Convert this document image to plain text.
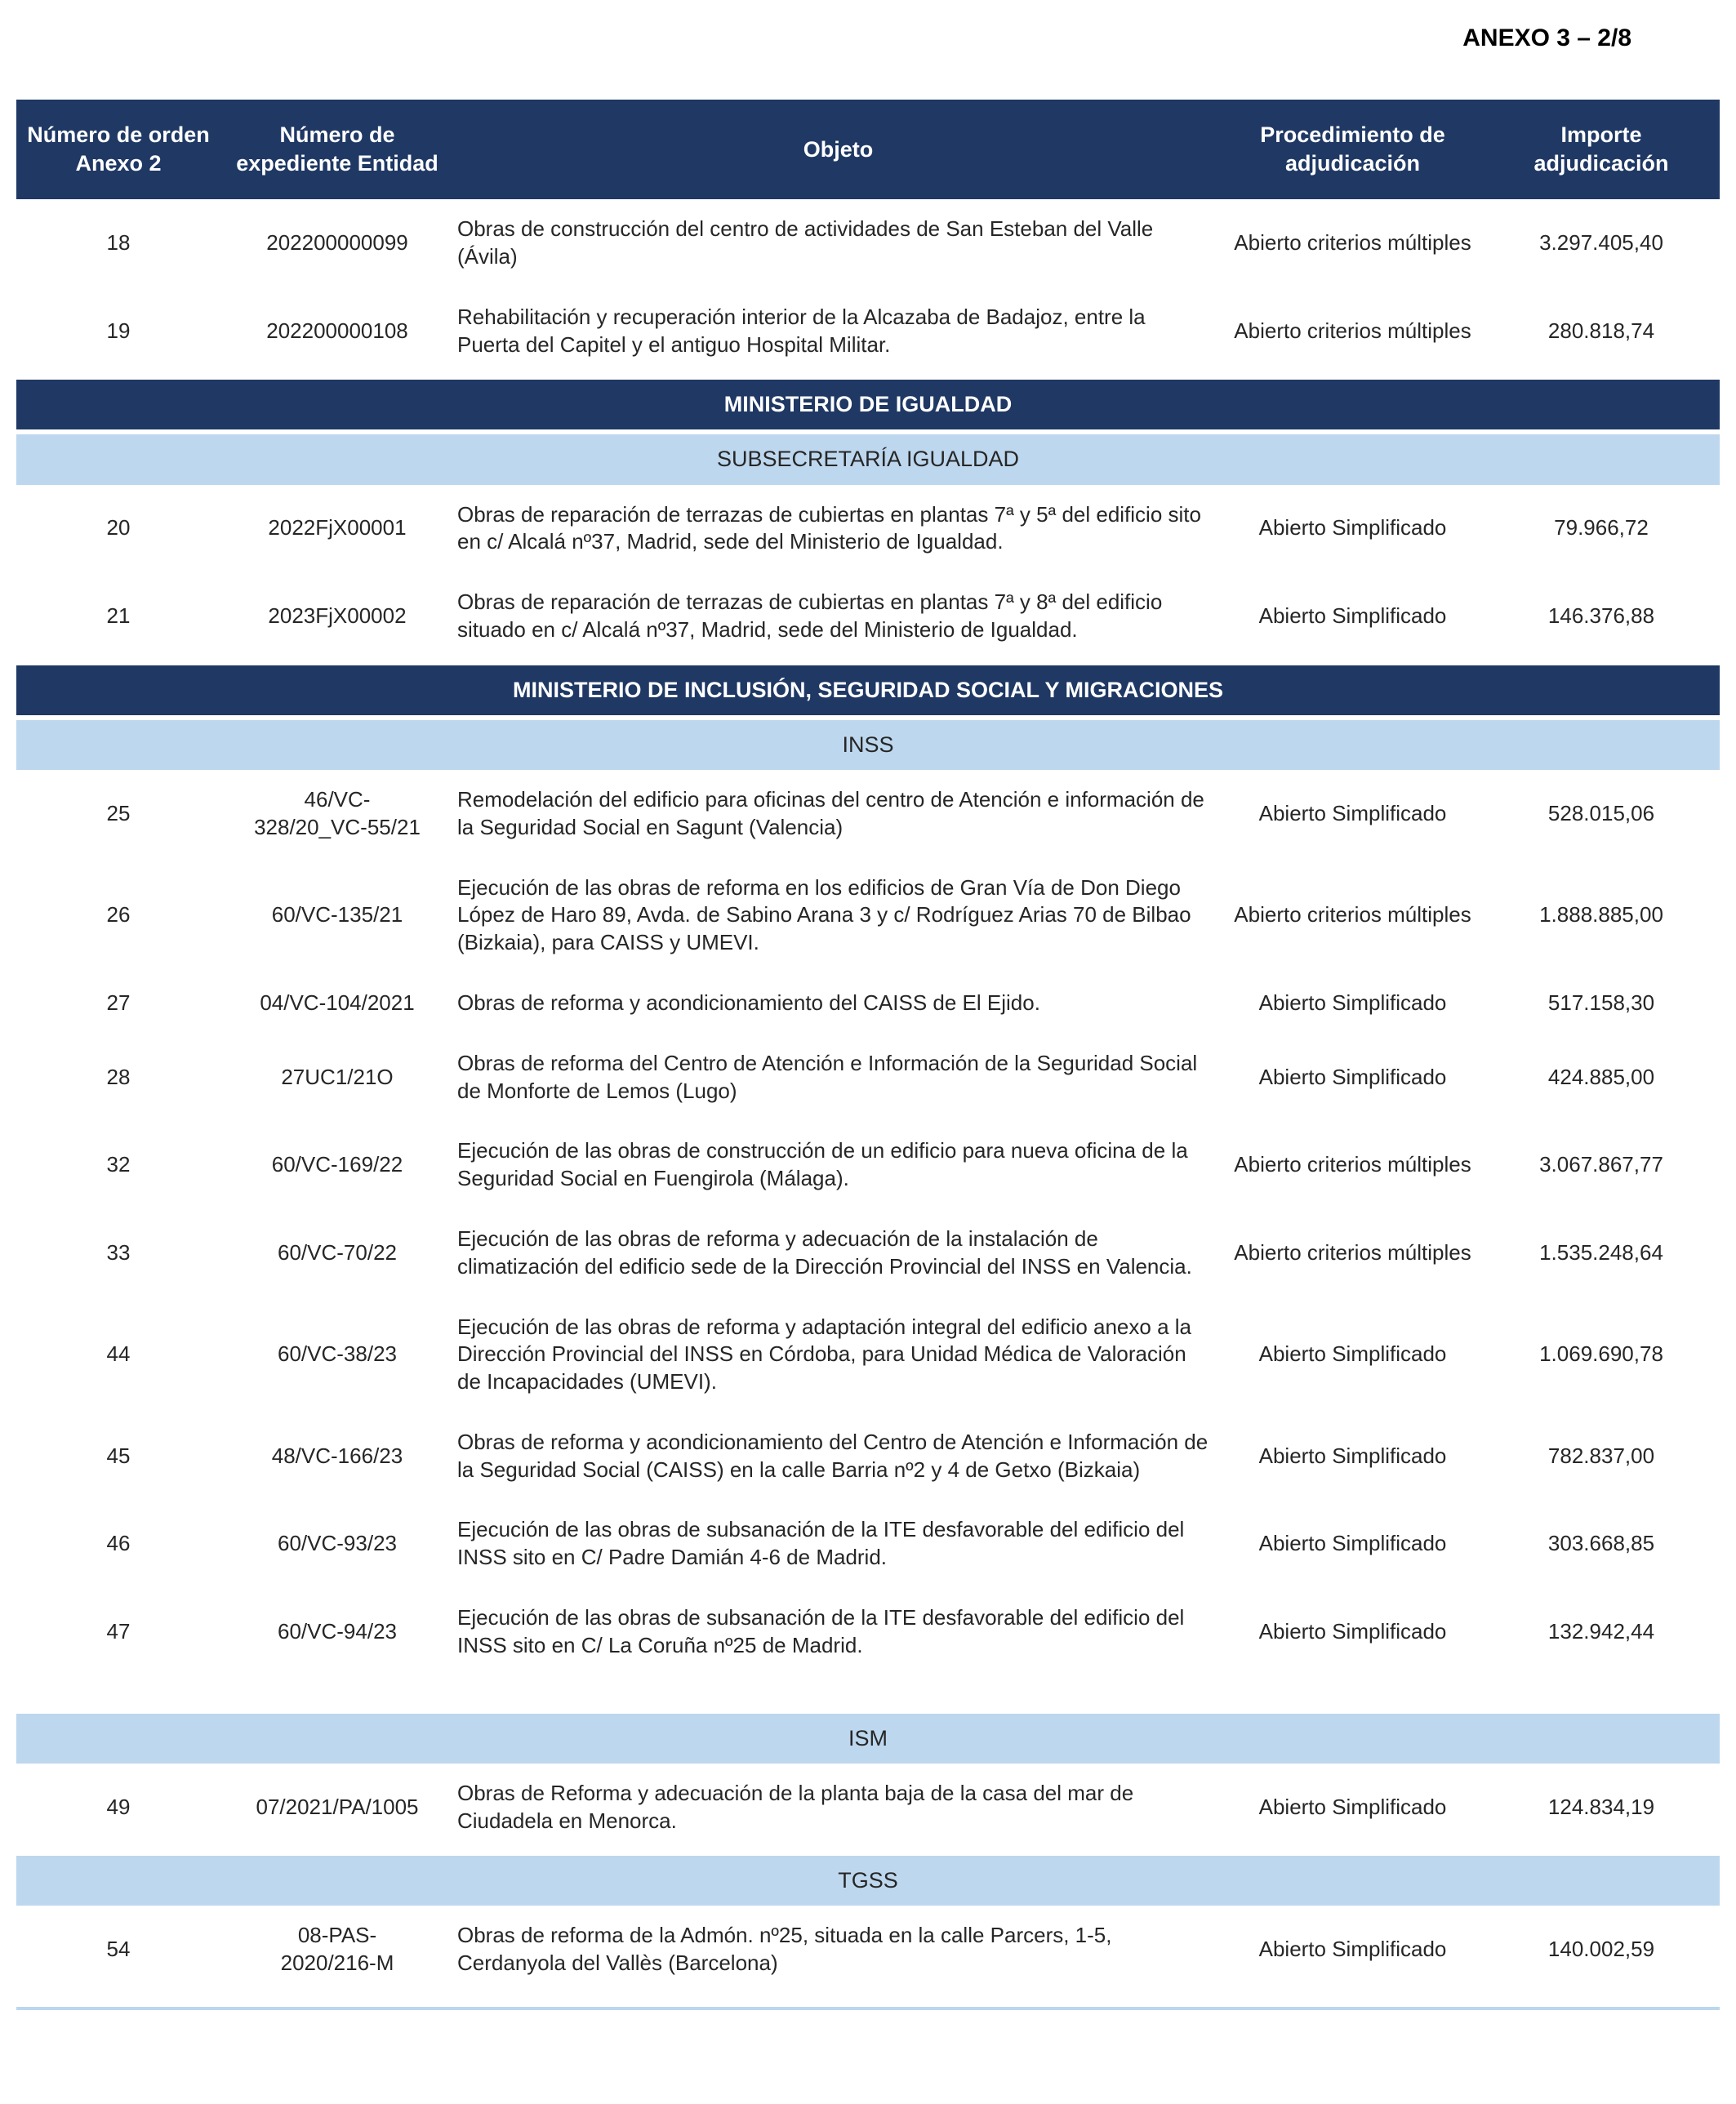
ANEXO 3 – 2/8
Número de orden Anexo 2	Número de expediente Entidad	Objeto	Procedimiento de adjudicación	Importe adjudicación
18	202200000099	Obras de construcción del centro de actividades de San Esteban del Valle (Ávila)	Abierto criterios múltiples	3.297.405,40
19	202200000108	Rehabilitación y recuperación interior de la Alcazaba de Badajoz, entre la Puerta del Capitel y el antiguo Hospital Militar.	Abierto criterios múltiples	280.818,74
MINISTERIO DE IGUALDAD				
SUBSECRETARÍA IGUALDAD				
20	2022FjX00001	Obras de reparación de terrazas de cubiertas en plantas 7ª y 5ª del edificio sito en c/ Alcalá nº37, Madrid, sede del Ministerio de Igualdad.	Abierto Simplificado	79.966,72
21	2023FjX00002	Obras de reparación de terrazas de cubiertas en plantas 7ª y 8ª del edificio situado en c/ Alcalá nº37, Madrid, sede del Ministerio de Igualdad.	Abierto Simplificado	146.376,88
MINISTERIO DE INCLUSIÓN, SEGURIDAD SOCIAL Y MIGRACIONES				
INSS				
25	46/VC-328/20_VC-55/21	Remodelación del edificio para oficinas del centro de Atención e información de la Seguridad Social en Sagunt (Valencia)	Abierto Simplificado	528.015,06
26	60/VC-135/21	Ejecución de las obras de reforma en los edificios de Gran Vía de Don Diego López de Haro 89, Avda. de Sabino Arana 3 y c/ Rodríguez Arias 70 de Bilbao (Bizkaia), para CAISS y UMEVI.	Abierto criterios múltiples	1.888.885,00
27	04/VC-104/2021	Obras de reforma y acondicionamiento del CAISS de El Ejido.	Abierto Simplificado	517.158,30
28	27UC1/21O	Obras de reforma del Centro de Atención e Información de la Seguridad Social de Monforte de Lemos (Lugo)	Abierto Simplificado	424.885,00
32	60/VC-169/22	Ejecución de las obras de construcción de un edificio para nueva oficina de la Seguridad Social en Fuengirola (Málaga).	Abierto criterios múltiples	3.067.867,77
33	60/VC-70/22	Ejecución de las obras de reforma y adecuación de la instalación de climatización del edificio sede de la Dirección Provincial del INSS en Valencia.	Abierto criterios múltiples	1.535.248,64
44	60/VC-38/23	Ejecución de las obras de reforma y adaptación integral del edificio anexo a la Dirección Provincial del INSS en Córdoba, para Unidad Médica de Valoración de Incapacidades (UMEVI).	Abierto Simplificado	1.069.690,78
45	48/VC-166/23	Obras de reforma y acondicionamiento del Centro de Atención e Información de la Seguridad Social (CAISS) en la calle Barria nº2 y 4 de Getxo (Bizkaia)	Abierto Simplificado	782.837,00
46	60/VC-93/23	Ejecución de las obras de subsanación de la ITE desfavorable del edificio del INSS sito en C/ Padre Damián 4-6 de Madrid.	Abierto Simplificado	303.668,85
47	60/VC-94/23	Ejecución de las obras de subsanación de la ITE desfavorable del edificio del INSS sito en C/ La Coruña nº25 de Madrid.	Abierto Simplificado	132.942,44
ISM				
49	07/2021/PA/1005	Obras de Reforma y adecuación de la planta baja de la casa del mar de Ciudadela en Menorca.	Abierto Simplificado	124.834,19
TGSS				
54	08-PAS-2020/216-M	Obras de reforma de la Admón. nº25, situada en la calle Parcers, 1-5, Cerdanyola del Vallès (Barcelona)	Abierto Simplificado	140.002,59
